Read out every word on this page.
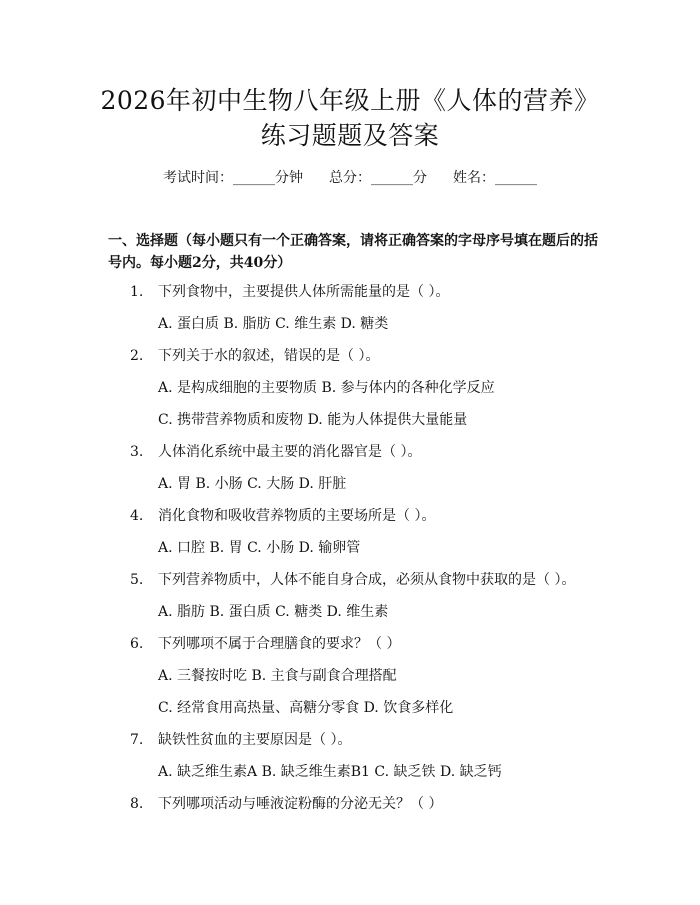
2026年初中生物八年级上册《人体的营养》
练习题题及答案
考试时间：______分钟 总分：______分 姓名：______
一、选择题（每小题只有一个正确答案，请将正确答案的字母序号填在题后的括
号内。每小题2分，共40分）
1. 下列食物中，主要提供人体所需能量的是（ ）。
A. 蛋白质 B. 脂肪 C. 维生素 D. 糖类
2. 下列关于水的叙述，错误的是（ ）。
A. 是构成细胞的主要物质 B. 参与体内的各种化学反应
C. 携带营养物质和废物 D. 能为人体提供大量能量
3. 人体消化系统中最主要的消化器官是（ ）。
A. 胃 B. 小肠 C. 大肠 D. 肝脏
4. 消化食物和吸收营养物质的主要场所是（ ）。
A. 口腔 B. 胃 C. 小肠 D. 输卵管
5. 下列营养物质中，人体不能自身合成，必须从食物中获取的是（ ）。
A. 脂肪 B. 蛋白质 C. 糖类 D. 维生素
6. 下列哪项不属于合理膳食的要求？（ ）
A. 三餐按时吃 B. 主食与副食合理搭配
C. 经常食用高热量、高糖分零食 D. 饮食多样化
7. 缺铁性贫血的主要原因是（ ）。
A. 缺乏维生素A B. 缺乏维生素B1 C. 缺乏铁 D. 缺乏钙
8. 下列哪项活动与唾液淀粉酶的分泌无关？（ ）
